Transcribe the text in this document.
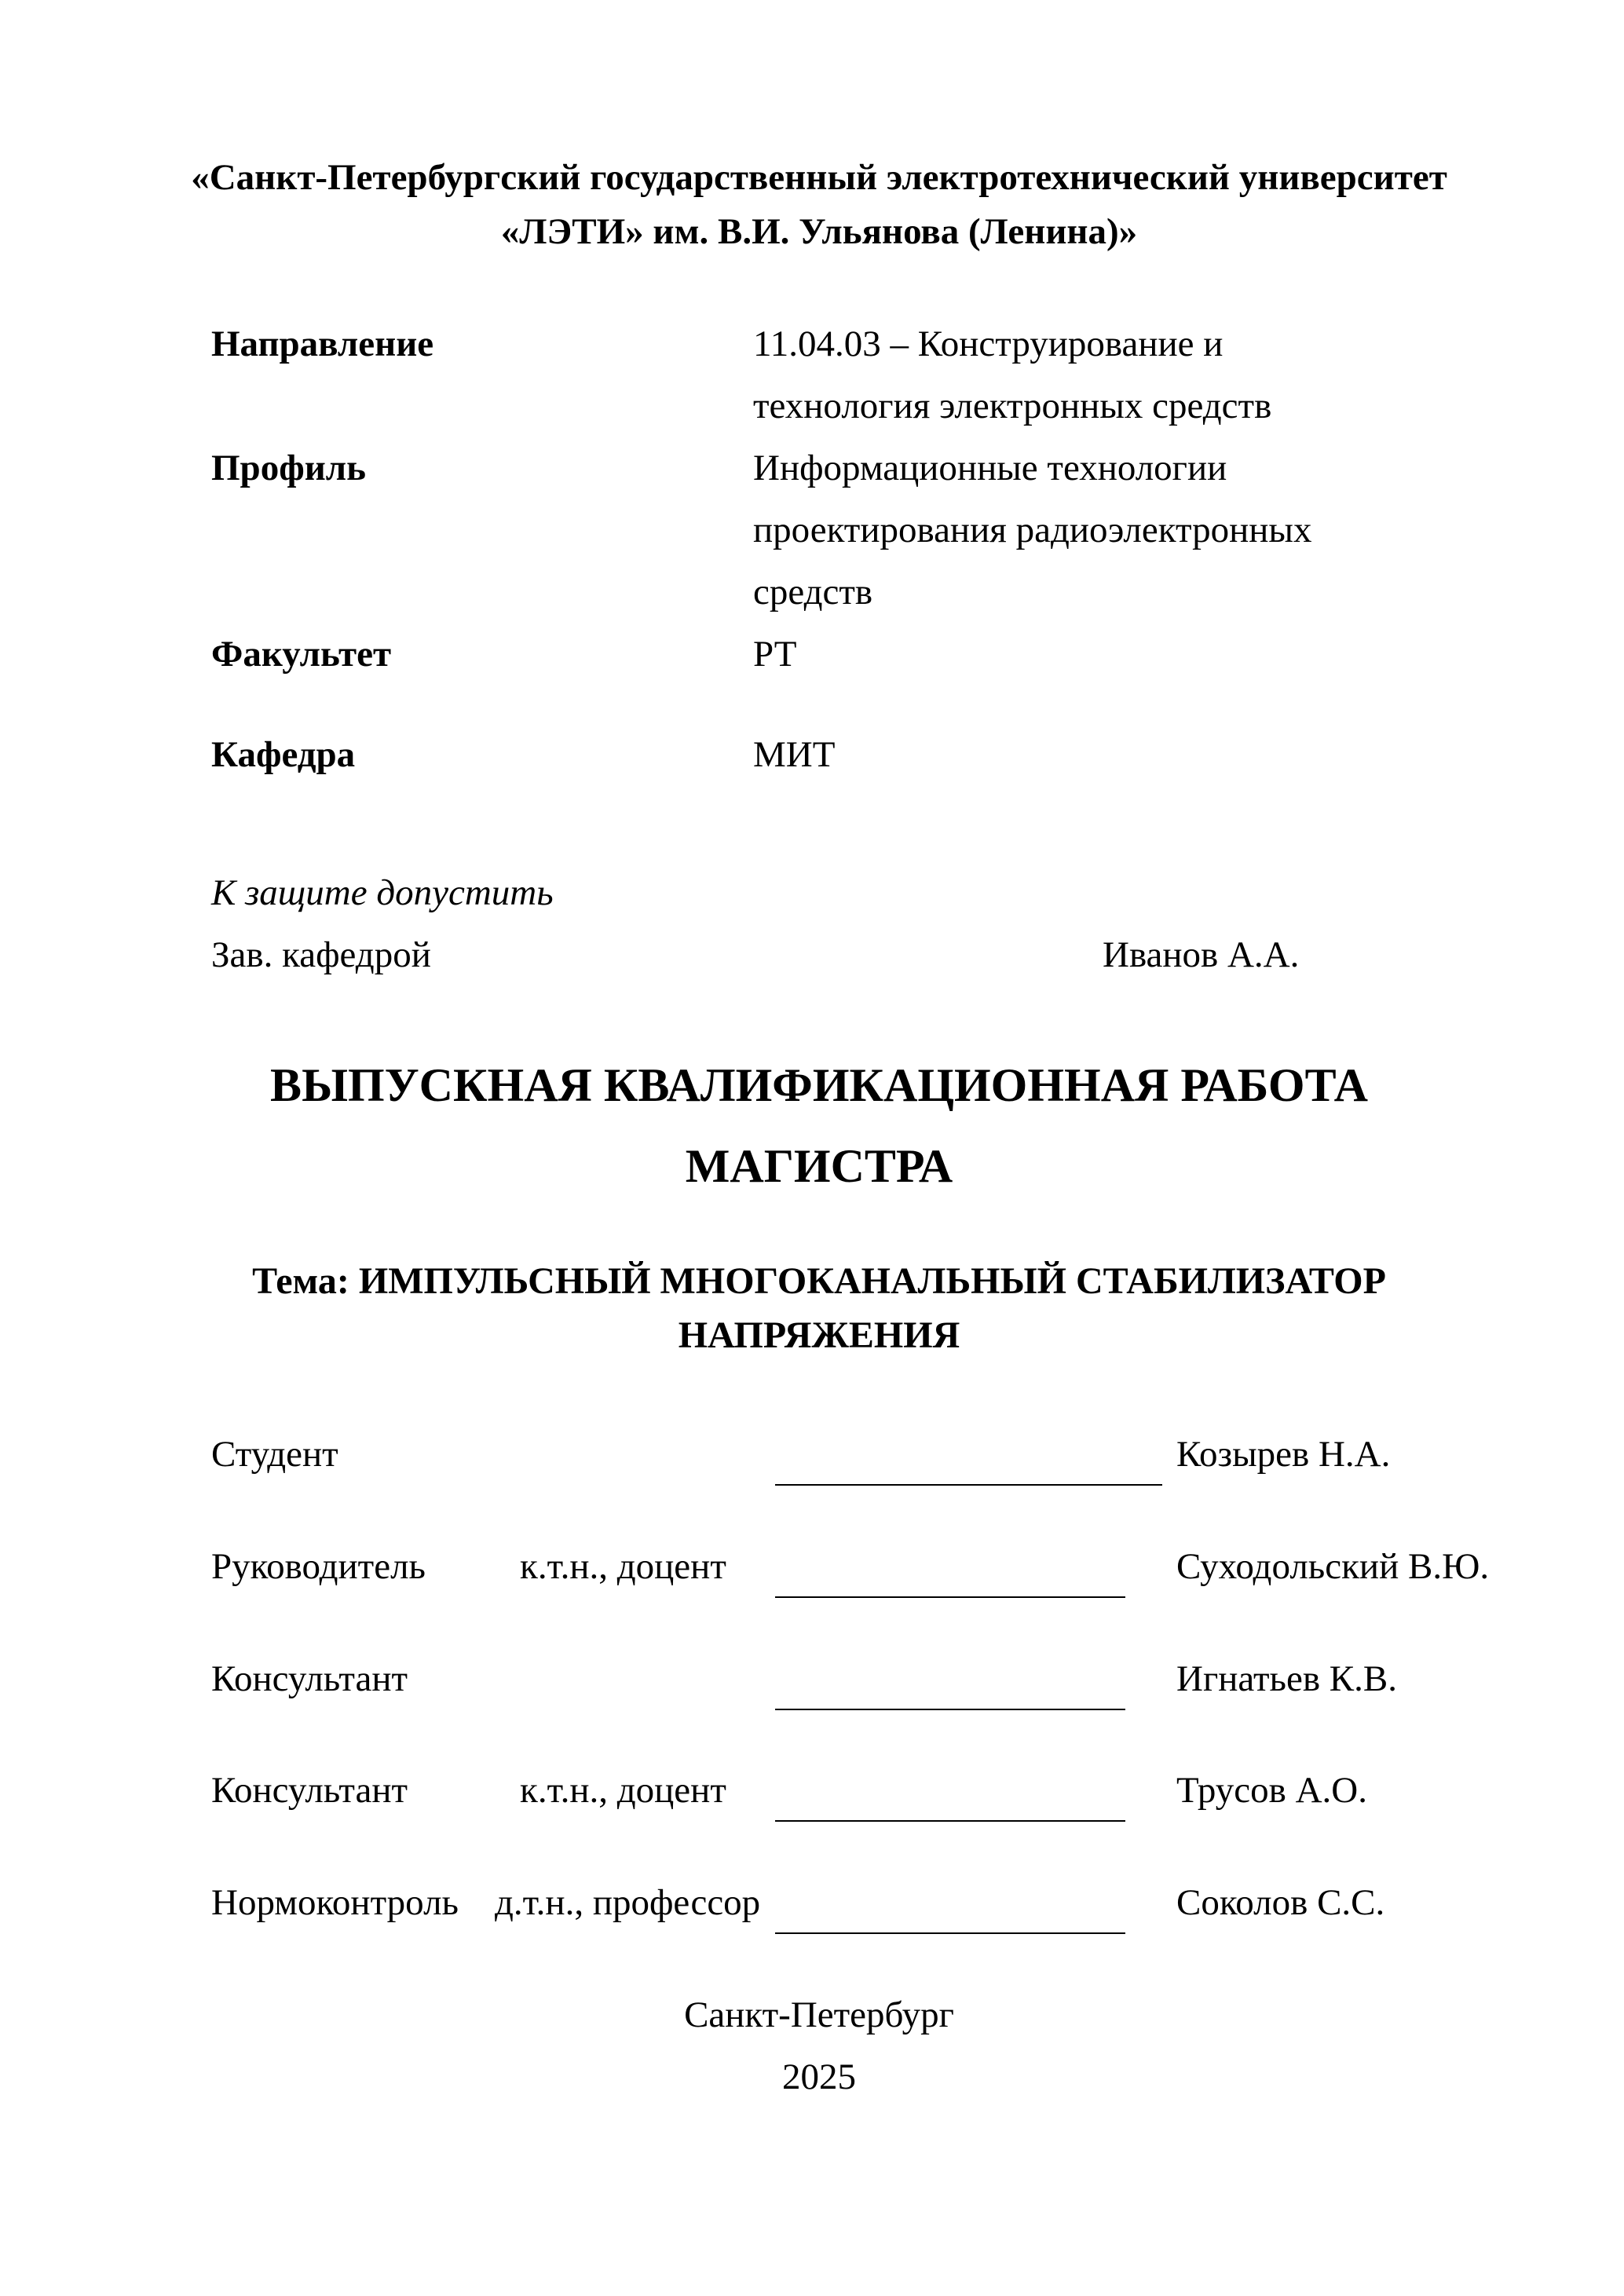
«Санкт-Петербургский государственный электротехнический университет
«ЛЭТИ» им. В.И. Ульянова (Ленина)»
Направление	11.04.03 – Конструирование и
технология электронных средств
Профиль	Информационные технологии
проектирования радиоэлектронных
средств
Факультет	РТ
Кафедра	МИТ
К защите допустить
Зав. кафедрой	Иванов А.А.
ВЫПУСКНАЯ КВАЛИФИКАЦИОННАЯ РАБОТА
МАГИСТРА
Тема: ИМПУЛЬСНЫЙ МНОГОКАНАЛЬНЫЙ СТАБИЛИЗАТОР
НАПРЯЖЕНИЯ
Студент	Козырев Н.А.
Руководитель	к.т.н., доцент	Суходольский В.Ю.
Консультант	Игнатьев К.В.
Консультант	к.т.н., доцент	Трусов А.О.
Нормоконтроль д.т.н., профессор	Соколов С.С.
Санкт-Петербург
2025
